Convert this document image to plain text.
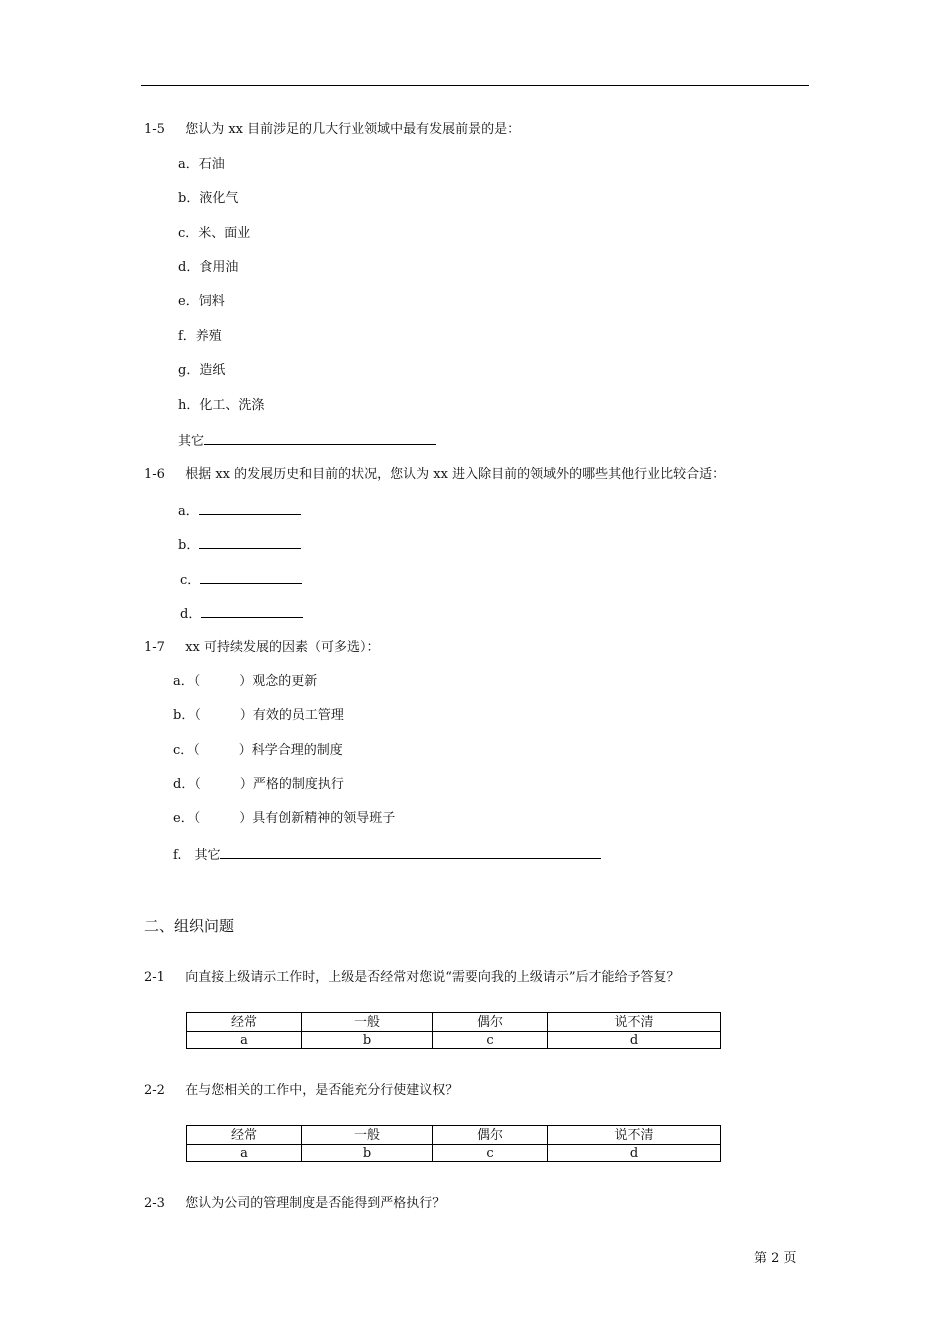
1-5 您认为 xx 目前涉足的几大行业领域中最有发展前景的是：
a．石油
b．液化气
c．米、面业
d．食用油
e．饲料
f．养殖
g．造纸
h．化工、洗涤
其它
1-6 根据 xx 的发展历史和目前的状况，您认为 xx 进入除目前的领域外的哪些其他行业比较合适：
a．
b．
c．
d．
1-7 xx 可持续发展的因素（可多选）：
a．（　　　）观念的更新
b．（　　　）有效的员工管理
c．（　　　）科学合理的制度
d．（　　　）严格的制度执行
e．（　　　）具有创新精神的领导班子
f.　其它
二、组织问题
2-1 向直接上级请示工作时，上级是否经常对您说“需要向我的上级请示”后才能给予答复？
经常	一般	偶尔	说不清
a	b	c	d
2-2 在与您相关的工作中，是否能充分行使建议权？
经常	一般	偶尔	说不清
a	b	c	d
2-3 您认为公司的管理制度是否能得到严格执行？
第 2 页
